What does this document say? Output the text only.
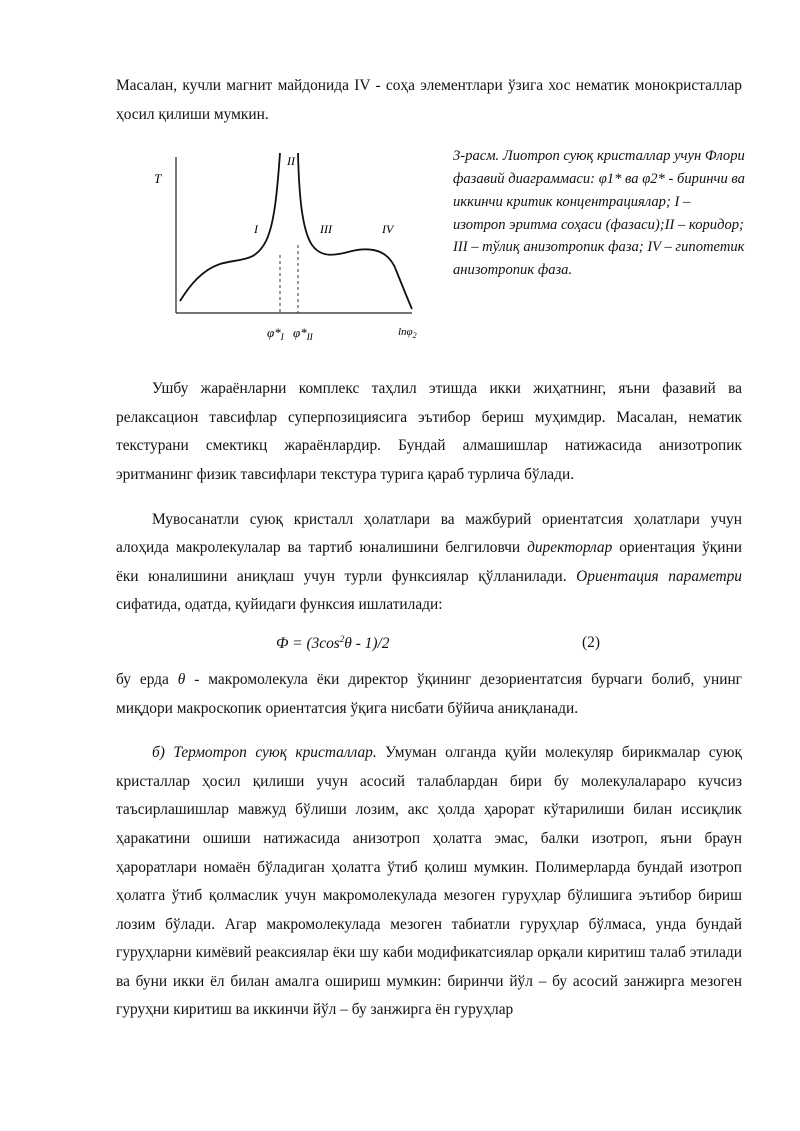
Масалан, кучли магнит майдонида IV - соҳа элементлари ўзига хос нематик монокристаллар ҳосил қилиши мумкин.

T
II
I	III	IV
$\varphi*_I$ $\varphi*_{II}$	lnφ$_2$
3-расм. Лиотроп суюқ кристаллар учун Флори фазавий диаграммаси: φ1* ва φ2* - биринчи ва иккинчи критик концентрациялар; I – изотроп эритма соҳаси (фазаси);II – коридор; III – тўлиқ анизотропик фаза; IV – гипотетик анизотропик фаза.

Ушбу жараёнларни комплекс таҳлил этишда икки жиҳатнинг, яъни фазавий ва релаксацион тавсифлар суперпозициясига эътибор бериш муҳимдир. Масалан, нематик текстурани смектикц жараёнлардир. Бундай алмашишлар натижасида анизотропик эритманинг физик тавсифлари текстура турига қараб турлича бўлади.

Мувосанатли суюқ кристалл ҳолатлари ва мажбурий ориентатсия ҳолатлари учун алоҳида макролекулалар ва тартиб юналишини белгиловчи директорлар ориентация ўқини ёки юналишини аниқлаш учун турли функсиялар қўлланилади. Ориентация параметри сифатида, одатда, қуйидаги функсия ишлатилади:

$Ф = (3\cos^2\theta - 1)/2$	(2)

бу ерда θ - макромолекула ёки директор ўқининг дезориентатсия бурчаги болиб, унинг миқдори макроскопик ориентатсия ўқига нисбати бўйича аниқланади.

б) Термотроп суюқ кристаллар. Умуман олганда қуйи молекуляр бирикмалар суюқ кристаллар ҳосил қилиши учун асосий талаблардан бири бу молекулалараро кучсиз таъсирлашишлар мавжуд бўлиши лозим, акс ҳолда ҳарорат кўтарилиши билан иссиқлик ҳаракатини ошиши натижасида анизотроп ҳолатга эмас, балки изотроп, яъни браун ҳароратлари номаён бўладиган ҳолатга ўтиб қолиш мумкин. Полимерларда бундай изотроп ҳолатга ўтиб қолмаслик учун макромолекулада мезоген гуруҳлар бўлишига эътибор бириш лозим бўлади. Агар макромолекулада мезоген табиатли гуруҳлар бўлмаса, унда бундай гуруҳларни кимёвий реаксиялар ёки шу каби модификатсиялар орқали киритиш талаб этилади ва буни икки ёл билан амалга ошириш мумкин: биринчи йўл – бу асосий занжирга мезоген гуруҳни киритиш ва иккинчи йўл – бу занжирга ён гуруҳлар
